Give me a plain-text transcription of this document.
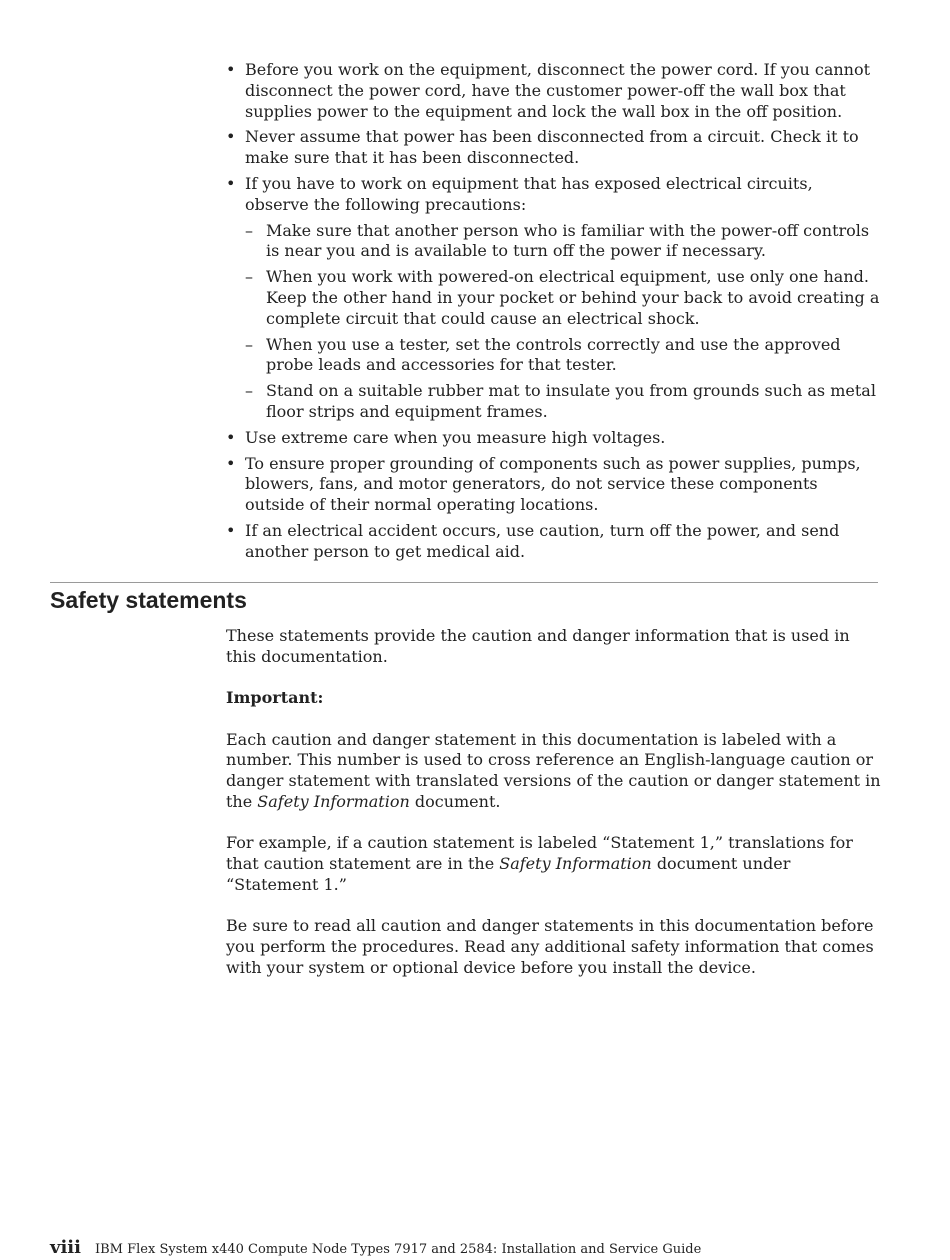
• Before you work on the equipment, disconnect the power cord. If you cannot disconnect the power cord, have the customer power-off the wall box that supplies power to the equipment and lock the wall box in the off position.
• Never assume that power has been disconnected from a circuit. Check it to make sure that it has been disconnected.
• If you have to work on equipment that has exposed electrical circuits, observe the following precautions:
– Make sure that another person who is familiar with the power-off controls is near you and is available to turn off the power if necessary.
– When you work with powered-on electrical equipment, use only one hand. Keep the other hand in your pocket or behind your back to avoid creating a complete circuit that could cause an electrical shock.
– When you use a tester, set the controls correctly and use the approved probe leads and accessories for that tester.
– Stand on a suitable rubber mat to insulate you from grounds such as metal floor strips and equipment frames.
• Use extreme care when you measure high voltages.
• To ensure proper grounding of components such as power supplies, pumps, blowers, fans, and motor generators, do not service these components outside of their normal operating locations.
• If an electrical accident occurs, use caution, turn off the power, and send another person to get medical aid.
Safety statements

These statements provide the caution and danger information that is used in this documentation.

Important:

Each caution and danger statement in this documentation is labeled with a number. This number is used to cross reference an English-language caution or danger statement with translated versions of the caution or danger statement in the Safety Information document.

For example, if a caution statement is labeled “Statement 1,” translations for that caution statement are in the Safety Information document under “Statement 1.”

Be sure to read all caution and danger statements in this documentation before you perform the procedures. Read any additional safety information that comes with your system or optional device before you install the device.

viii IBM Flex System x440 Compute Node Types 7917 and 2584: Installation and Service Guide
